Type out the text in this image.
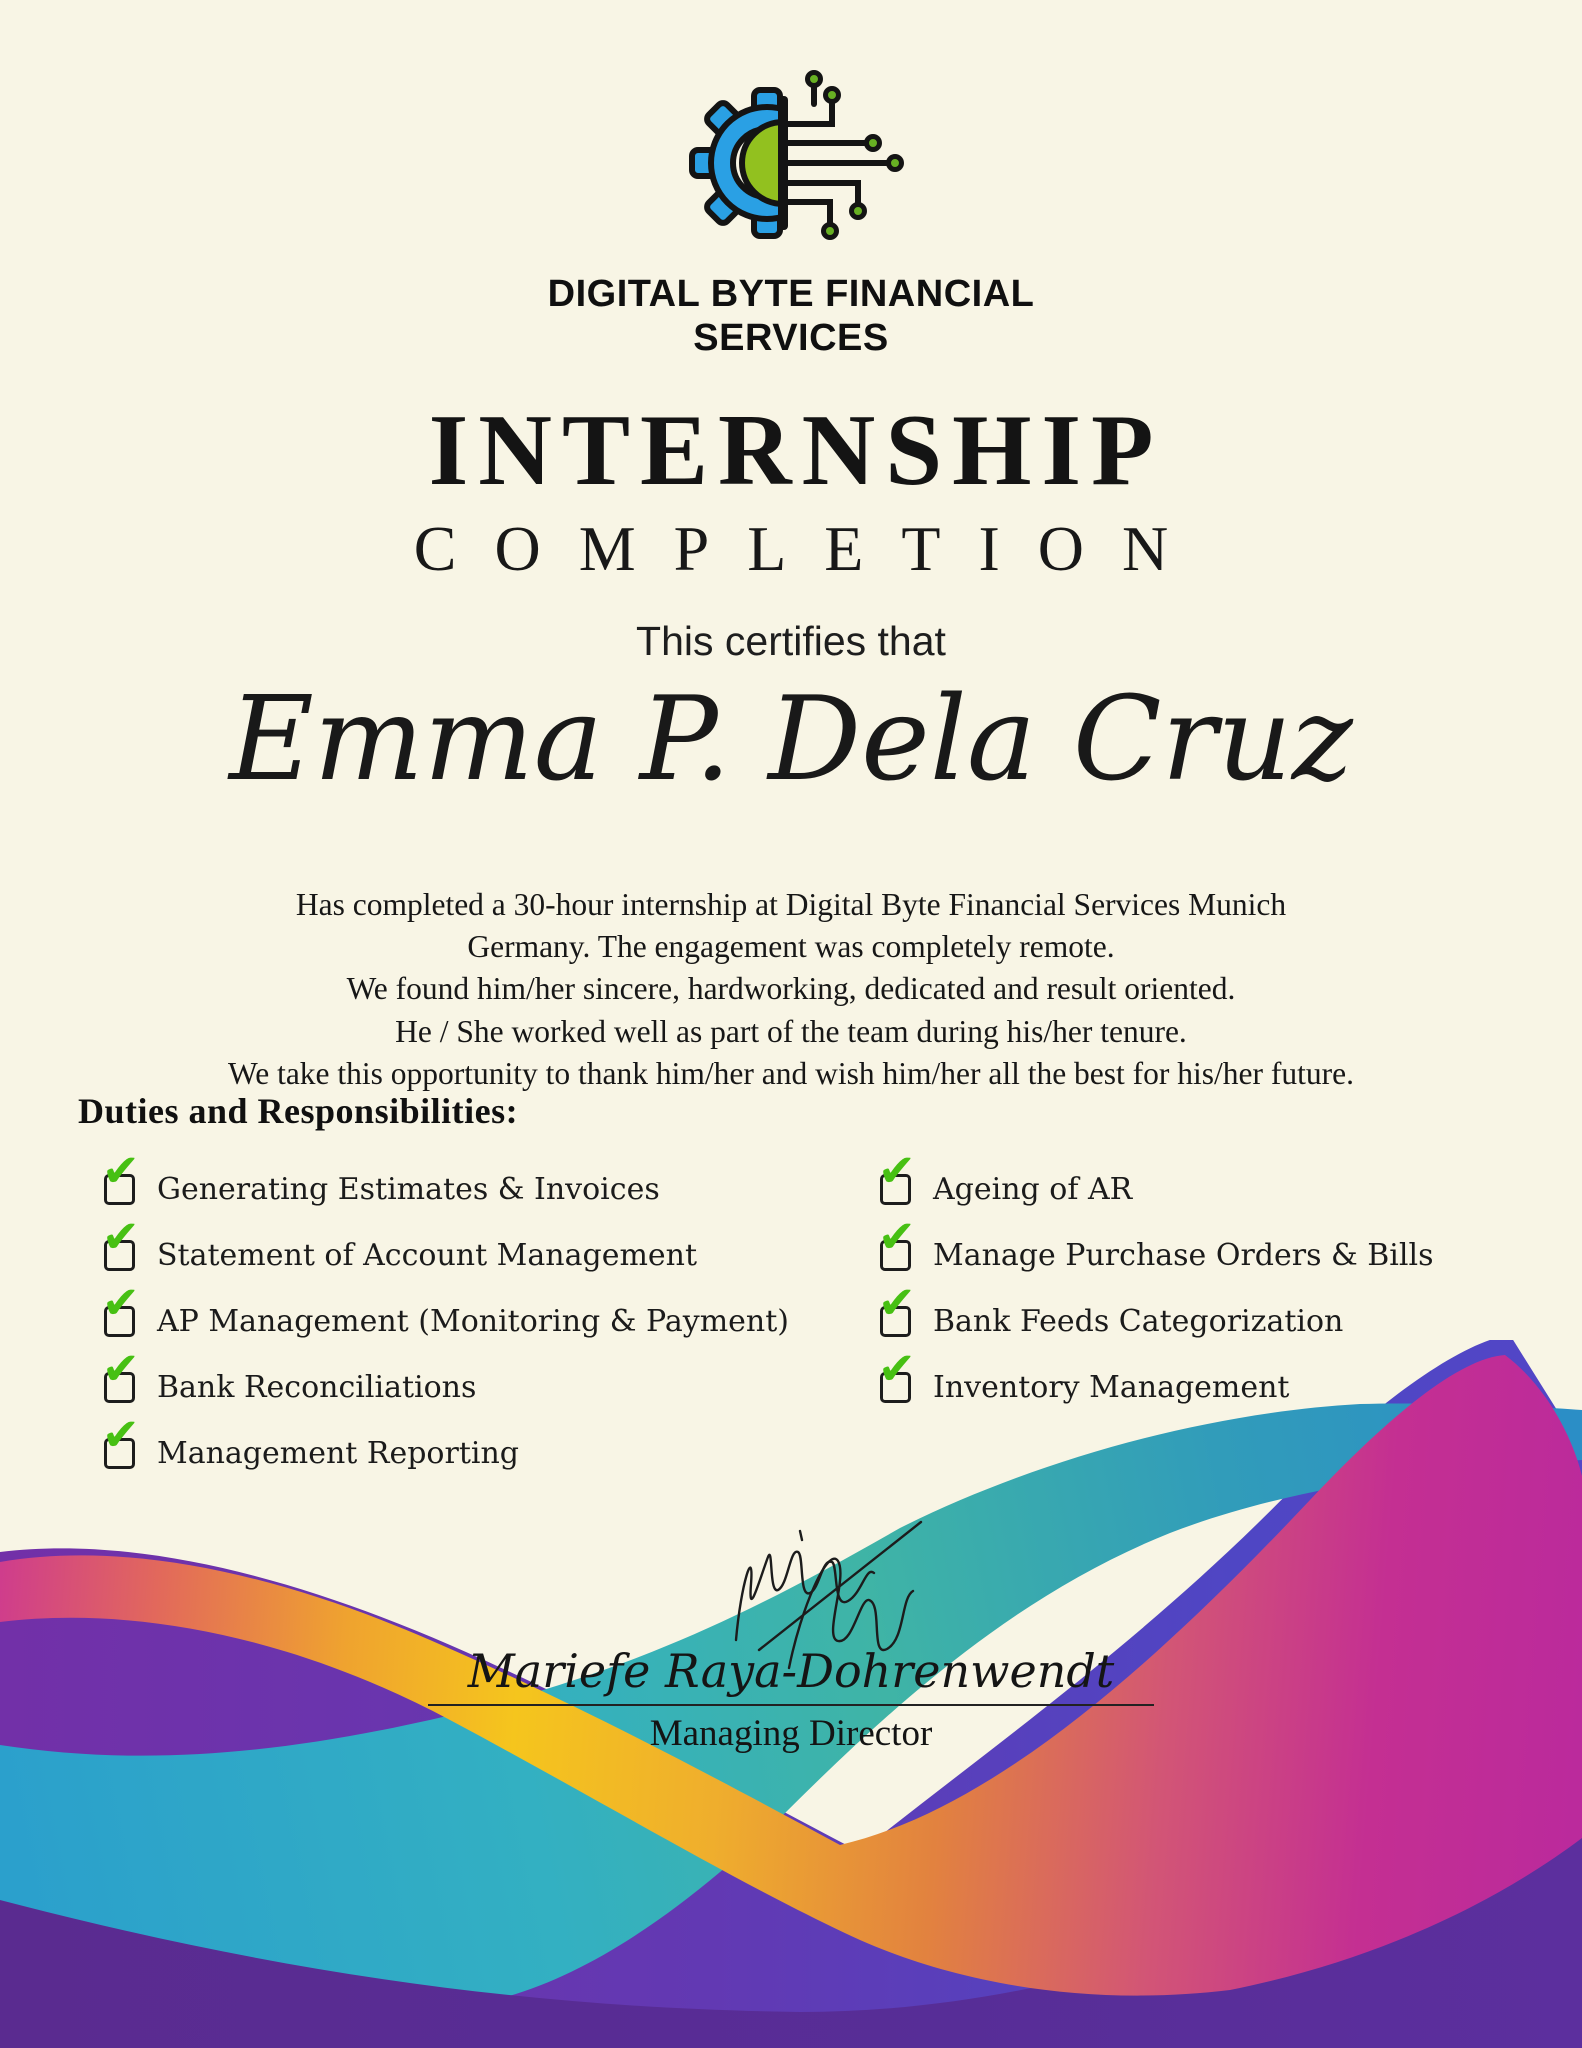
DIGITAL BYTE FINANCIAL
SERVICES
INTERNSHIP
COMPLETION
This certifies that
Emma P. Dela Cruz
Has completed a 30-hour internship at Digital Byte Financial Services Munich
Germany. The engagement was completely remote.
We found him/her sincere, hardworking, dedicated and result oriented.
He / She worked well as part of the team during his/her tenure.
We take this opportunity to thank him/her and wish him/her all the best for his/her future.
Duties and Responsibilities:
✔ Generating Estimates & Invoices
✔ Statement of Account Management
✔ AP Management (Monitoring & Payment)
✔ Bank Reconciliations
✔ Management Reporting
✔ Ageing of AR
✔ Manage Purchase Orders & Bills
✔ Bank Feeds Categorization
✔ Inventory Management
Mariefe Raya-Dohrenwendt
Managing Director
